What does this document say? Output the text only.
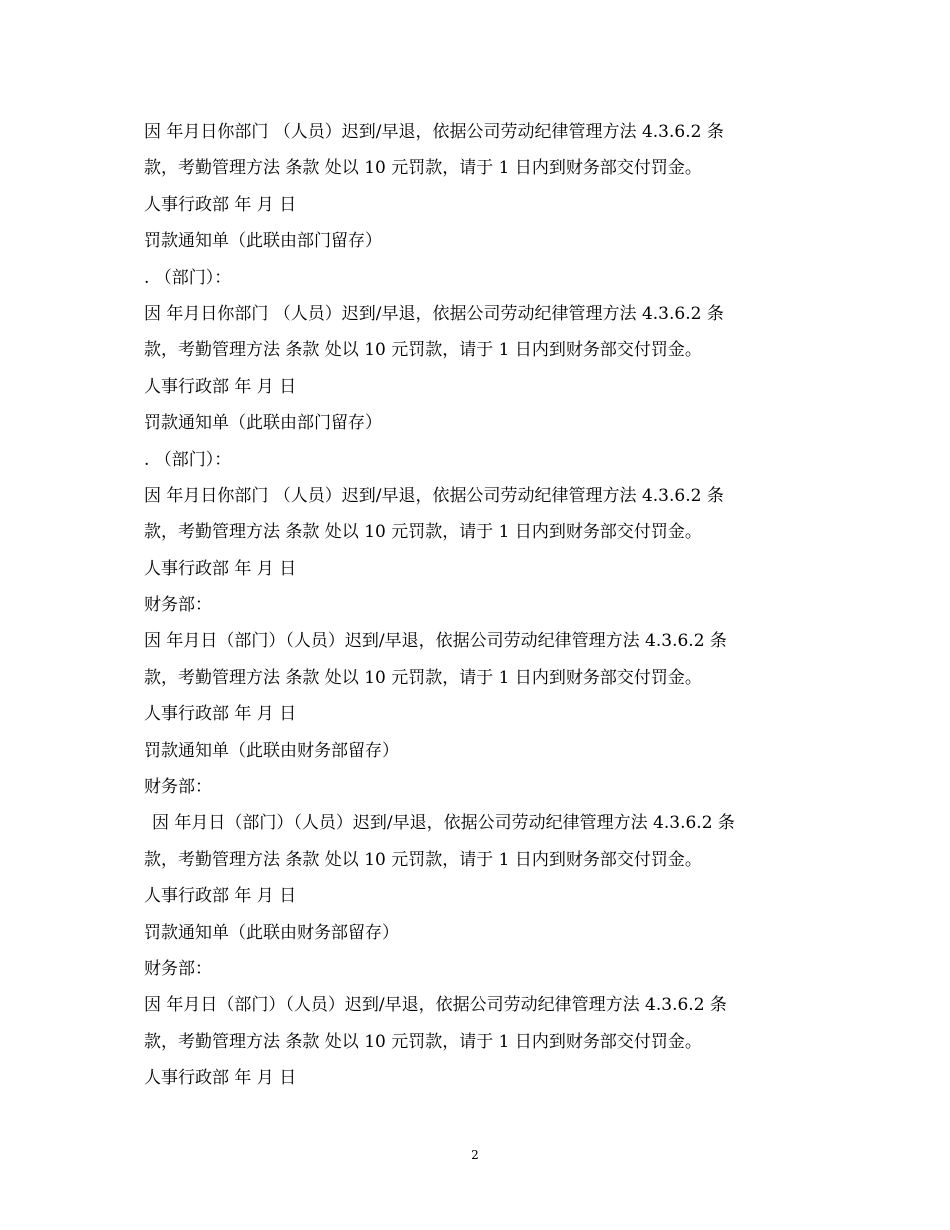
因 年月日你部门 （人员）迟到/早退，依据公司劳动纪律管理方法 4.3.6.2 条
款，考勤管理方法 条款 处以 10 元罚款，请于 1 日内到财务部交付罚金。
人事行政部 年 月 日
罚款通知单（此联由部门留存）
. （部门）：
因 年月日你部门 （人员）迟到/早退，依据公司劳动纪律管理方法 4.3.6.2 条
款，考勤管理方法 条款 处以 10 元罚款，请于 1 日内到财务部交付罚金。
人事行政部 年 月 日
罚款通知单（此联由部门留存）
. （部门）：
因 年月日你部门 （人员）迟到/早退，依据公司劳动纪律管理方法 4.3.6.2 条
款，考勤管理方法 条款 处以 10 元罚款，请于 1 日内到财务部交付罚金。
人事行政部 年 月 日
财务部：
因 年月日（部门）（人员）迟到/早退，依据公司劳动纪律管理方法 4.3.6.2 条
款，考勤管理方法 条款 处以 10 元罚款，请于 1 日内到财务部交付罚金。
人事行政部 年 月 日
罚款通知单（此联由财务部留存）
财务部：
因 年月日（部门）（人员）迟到/早退，依据公司劳动纪律管理方法 4.3.6.2 条
款，考勤管理方法 条款 处以 10 元罚款，请于 1 日内到财务部交付罚金。
人事行政部 年 月 日
罚款通知单（此联由财务部留存）
财务部：
因 年月日（部门）（人员）迟到/早退，依据公司劳动纪律管理方法 4.3.6.2 条
款，考勤管理方法 条款 处以 10 元罚款，请于 1 日内到财务部交付罚金。
人事行政部 年 月 日
2
